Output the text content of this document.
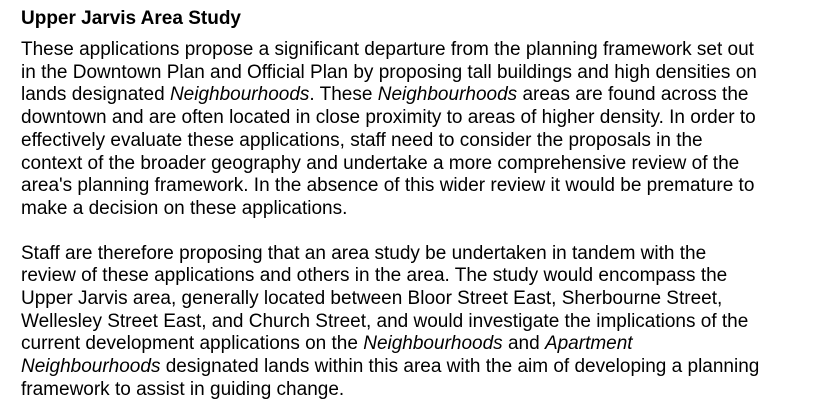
Upper Jarvis Area Study

These applications propose a significant departure from the planning framework set out
in the Downtown Plan and Official Plan by proposing tall buildings and high densities on
lands designated Neighbourhoods. These Neighbourhoods areas are found across the
downtown and are often located in close proximity to areas of higher density. In order to
effectively evaluate these applications, staff need to consider the proposals in the
context of the broader geography and undertake a more comprehensive review of the
area's planning framework. In the absence of this wider review it would be premature to
make a decision on these applications.

Staff are therefore proposing that an area study be undertaken in tandem with the
review of these applications and others in the area. The study would encompass the
Upper Jarvis area, generally located between Bloor Street East, Sherbourne Street,
Wellesley Street East, and Church Street, and would investigate the implications of the
current development applications on the Neighbourhoods and Apartment
Neighbourhoods designated lands within this area with the aim of developing a planning
framework to assist in guiding change.
